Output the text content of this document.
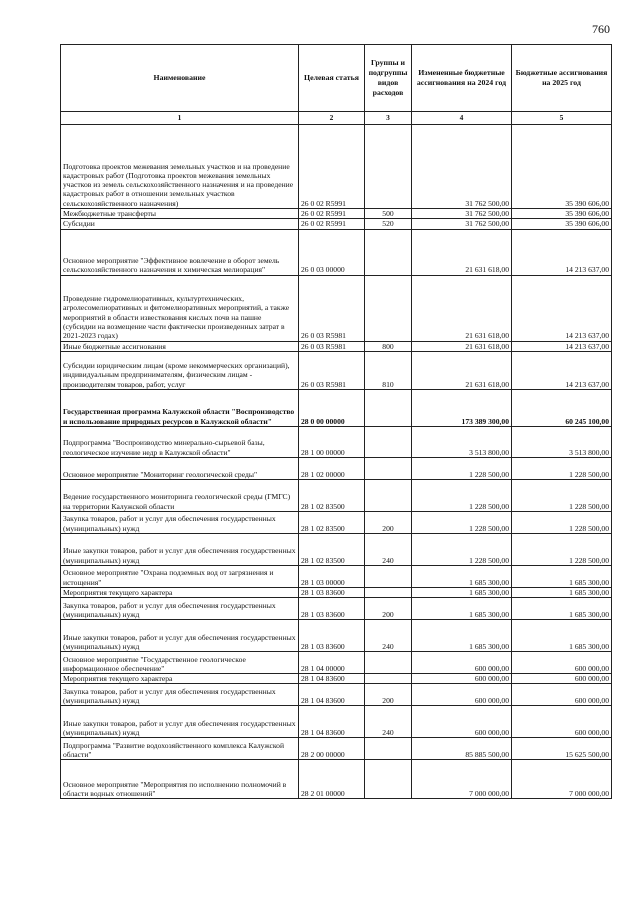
760
Наименование	Целевая статья	Группы и подгруппы видов расходов	Измененные бюджетные ассигнования на 2024 год	Бюджетные ассигнования на 2025 год
1	2	3	4	5
Подготовка проектов межевания земельных участков и на проведение кадастровых работ (Подготовка проектов межевания земельных участков из земель сельскохозяйственного назначения и на проведение кадастровых работ в отношении земельных участков сельскохозяйственного назначения)	26 0 02 R5991		31 762 500,00	35 390 606,00
Межбюджетные трансферты	26 0 02 R5991	500	31 762 500,00	35 390 606,00
Субсидии	26 0 02 R5991	520	31 762 500,00	35 390 606,00
Основное мероприятие "Эффективное вовлечение в оборот земель сельскохозяйственного назначения и химическая мелиорация"	26 0 03 00000		21 631 618,00	14 213 637,00
Проведение гидромелиоративных, культуртехнических, агролесомелиоративных и фитомелиоративных мероприятий, а также мероприятий в области известкования кислых почв на пашне (субсидии на возмещение части фактически произведенных затрат в 2021-2023 годах)	26 0 03 R5981		21 631 618,00	14 213 637,00
Иные бюджетные ассигнования	26 0 03 R5981	800	21 631 618,00	14 213 637,00
Субсидии юридическим лицам (кроме некоммерческих организаций), индивидуальным предпринимателям, физическим лицам - производителям товаров, работ, услуг	26 0 03 R5981	810	21 631 618,00	14 213 637,00
Государственная программа Калужской области "Воспроизводство и использование природных ресурсов в Калужской области"	28 0 00 00000		173 389 300,00	60 245 100,00
Подпрограмма "Воспроизводство минерально-сырьевой базы, геологическое изучение недр в Калужской области"	28 1 00 00000		3 513 800,00	3 513 800,00
Основное мероприятие "Мониторинг геологической среды"	28 1 02 00000		1 228 500,00	1 228 500,00
Ведение государственного мониторинга геологической среды (ГМГС) на территории Калужской области	28 1 02 83500		1 228 500,00	1 228 500,00
Закупка товаров, работ и услуг для обеспечения государственных (муниципальных) нужд	28 1 02 83500	200	1 228 500,00	1 228 500,00
Иные закупки товаров, работ и услуг для обеспечения государственных (муниципальных) нужд	28 1 02 83500	240	1 228 500,00	1 228 500,00
Основное мероприятие "Охрана подземных вод от загрязнения и истощения"	28 1 03 00000		1 685 300,00	1 685 300,00
Мероприятия текущего характера	28 1 03 83600		1 685 300,00	1 685 300,00
Закупка товаров, работ и услуг для обеспечения государственных (муниципальных) нужд	28 1 03 83600	200	1 685 300,00	1 685 300,00
Иные закупки товаров, работ и услуг для обеспечения государственных (муниципальных) нужд	28 1 03 83600	240	1 685 300,00	1 685 300,00
Основное мероприятие "Государственное геологическое информационное обеспечение"	28 1 04 00000		600 000,00	600 000,00
Мероприятия текущего характера	28 1 04 83600		600 000,00	600 000,00
Закупка товаров, работ и услуг для обеспечения государственных (муниципальных) нужд	28 1 04 83600	200	600 000,00	600 000,00
Иные закупки товаров, работ и услуг для обеспечения государственных (муниципальных) нужд	28 1 04 83600	240	600 000,00	600 000,00
Подпрограмма "Развитие водохозяйственного комплекса Калужской области"	28 2 00 00000		85 885 500,00	15 625 500,00
Основное мероприятие "Мероприятия по исполнению полномочий в области водных отношений"	28 2 01 00000		7 000 000,00	7 000 000,00
